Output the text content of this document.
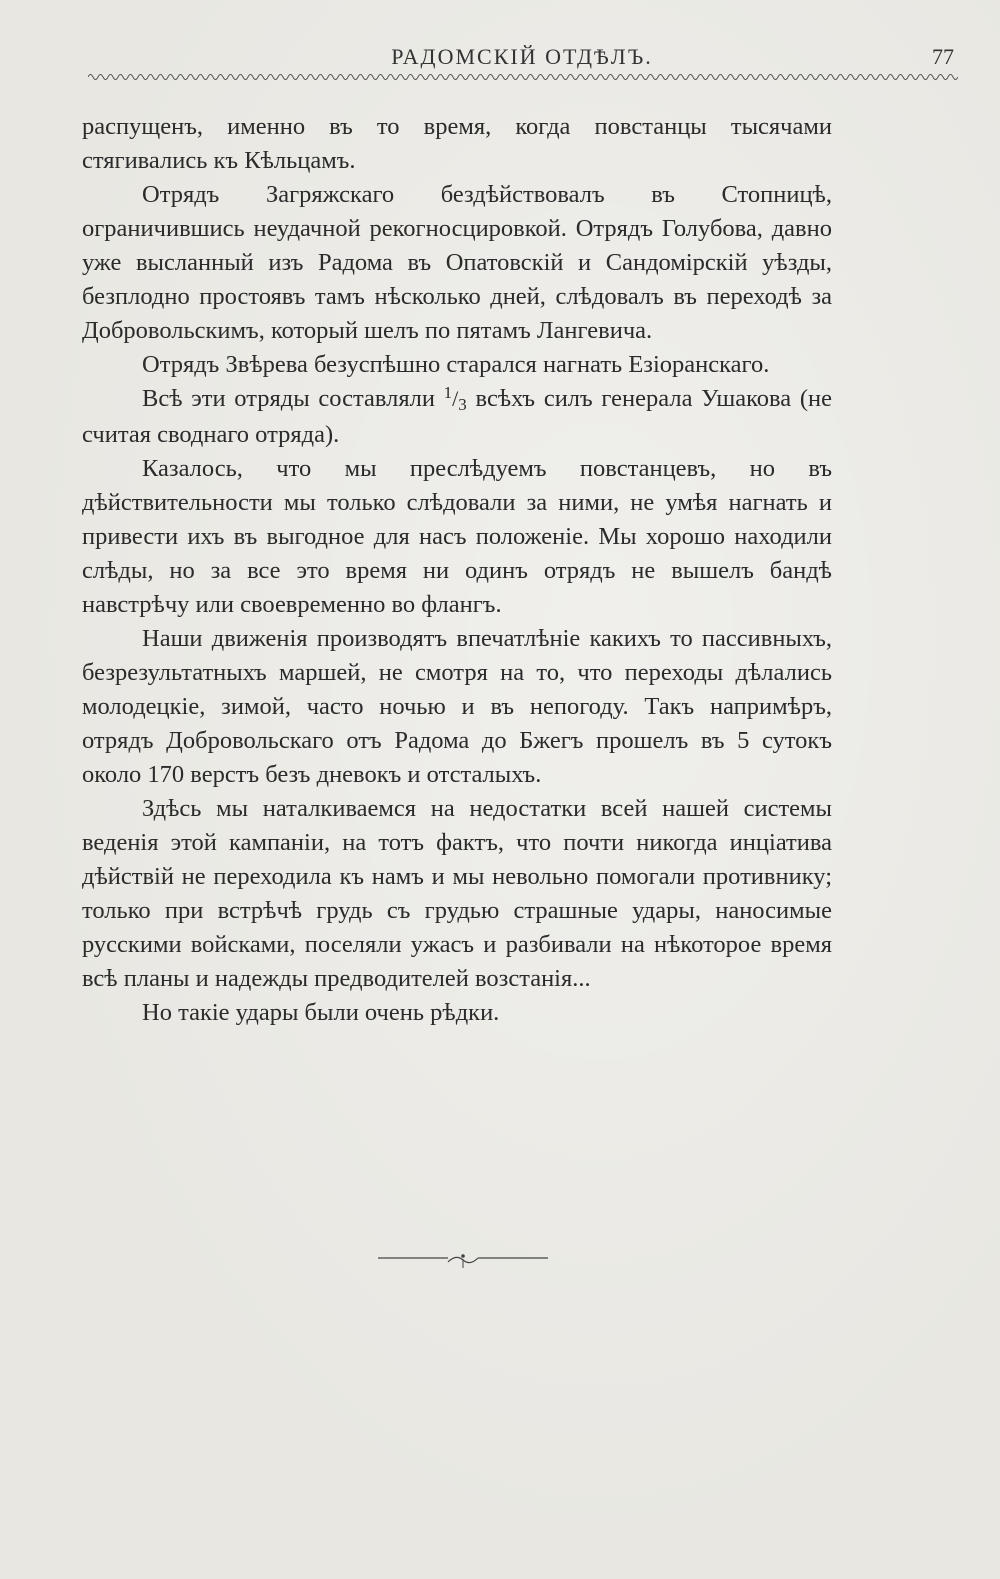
РАДОМСКІЙ ОТДѢЛЪ.	77

распущенъ, именно въ то время, когда повстанцы тысячами стягивались къ Кѣльцамъ.

Отрядъ Загряжскаго бездѣйствовалъ въ Стопницѣ, ограничившись неудачной рекогносцировкой. Отрядъ Голубова, давно уже высланный изъ Радома въ Опатовскій и Сандомірскій уѣзды, безплодно простоявъ тамъ нѣсколько дней, слѣдовалъ въ переходѣ за Добровольскимъ, который шелъ по пятамъ Лангевича.

Отрядъ Звѣрева безуспѣшно старался нагнать Езіоранскаго.

Всѣ эти отряды составляли $^1$/3 всѣхъ силъ генерала Ушакова (не считая своднаго отряда).

Казалось, что мы преслѣдуемъ повстанцевъ, но въ дѣйствительности мы только слѣдовали за ними, не умѣя нагнать и привести ихъ въ выгодное для насъ положеніе. Мы хорошо находили слѣды, но за все это время ни одинъ отрядъ не вышелъ бандѣ навстрѣчу или своевременно во флангъ.

Наши движенія производятъ впечатлѣніе какихъ то пассивныхъ, безрезультатныхъ маршей, не смотря на то, что переходы дѣлались молодецкіе, зимой, часто ночью и въ непогоду. Такъ напримѣръ, отрядъ Добровольскаго отъ Радома до Бжегъ прошелъ въ 5 сутокъ около 170 верстъ безъ дневокъ и отсталыхъ.

Здѣсь мы наталкиваемся на недостатки всей нашей системы веденія этой кампаніи, на тотъ фактъ, что почти никогда инціатива дѣйствій не переходила къ намъ и мы невольно помогали противнику; только при встрѣчѣ грудь съ грудью страшные удары, наносимые русскими войсками, поселяли ужасъ и разбивали на нѣкоторое время всѣ планы и надежды предводителей возстанія...

Но такіе удары были очень рѣдки.
